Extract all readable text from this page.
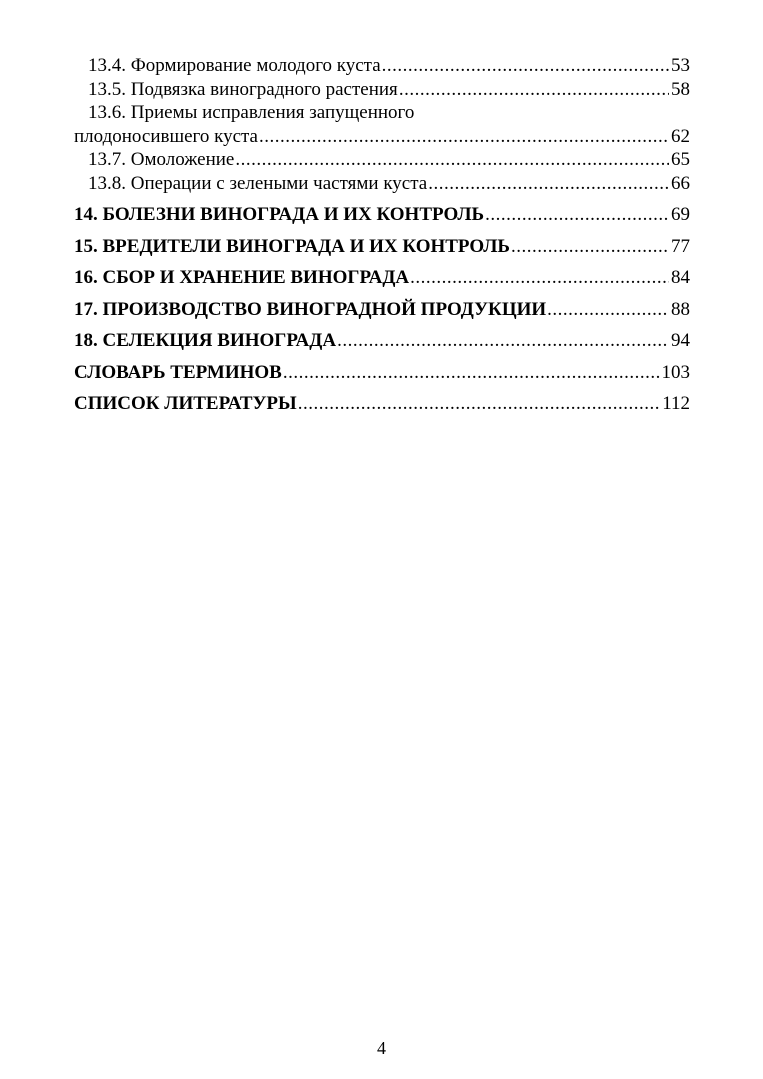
13.4. Формирование молодого куста .....	53
13.5. Подвязка виноградного растения .....	58
13.6. Приемы исправления запущенного
плодоносившего куста .....	62
13.7. Омоложение .....	65
13.8. Операции с зелеными частями куста .....	66
14. БОЛЕЗНИ ВИНОГРАДА И ИХ КОНТРОЛЬ .....	69
15. ВРЕДИТЕЛИ ВИНОГРАДА И ИХ КОНТРОЛЬ .....	77
16. СБОР И ХРАНЕНИЕ ВИНОГРАДА .....	84
17. ПРОИЗВОДСТВО ВИНОГРАДНОЙ ПРОДУКЦИИ .....	88
18. СЕЛЕКЦИЯ ВИНОГРАДА .....	94
СЛОВАРЬ ТЕРМИНОВ .....	103
СПИСОК ЛИТЕРАТУРЫ .....	112
4
